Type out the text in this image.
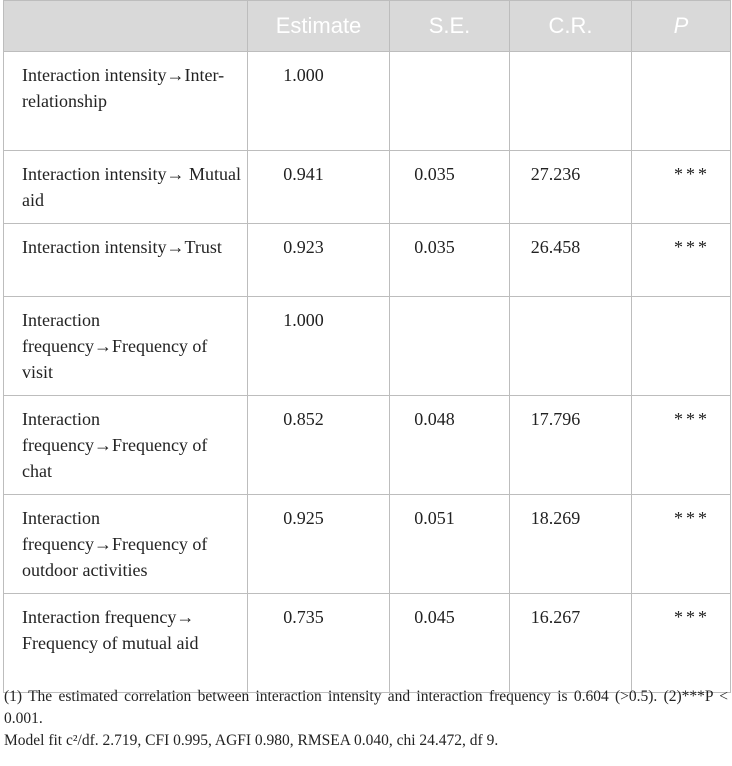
	Estimate	S.E.	C.R.	P
Interaction intensity→Inter-relationship	1.000			
Interaction intensity→ Mutual aid	0.941	0.035	27.236	***
Interaction intensity→Trust	0.923	0.035	26.458	***
Interaction frequency→Frequency of visit	1.000			
Interaction frequency→Frequency of chat	0.852	0.048	17.796	***
Interaction frequency→Frequency of outdoor activities	0.925	0.051	18.269	***
Interaction frequency→ Frequency of mutual aid	0.735	0.045	16.267	***

(1) The estimated correlation between interaction intensity and interaction frequency is 0.604 (>0.5). (2)***P < 0.001.

Model fit c²/df. 2.719, CFI 0.995, AGFI 0.980, RMSEA 0.040, chi 24.472, df 9.
